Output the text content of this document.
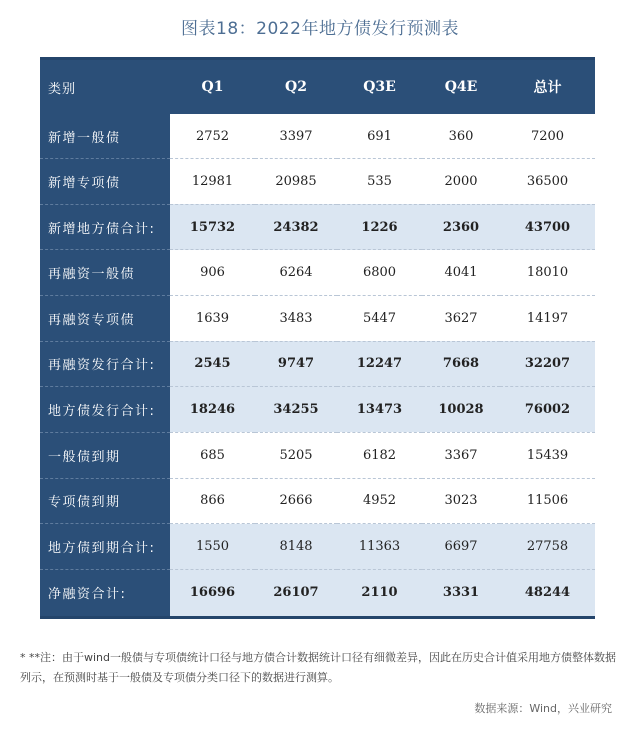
图表18：2022年地方债发行预测表
类别	Q1	Q2	Q3E	Q4E	总计
新增一般债	2752	3397	691	360	7200
新增专项债	12981	20985	535	2000	36500
新增地方债合计:	15732	24382	1226	2360	43700
再融资一般债	906	6264	6800	4041	18010
再融资专项债	1639	3483	5447	3627	14197
再融资发行合计:	2545	9747	12247	7668	32207
地方债发行合计:	18246	34255	13473	10028	76002
一般债到期	685	5205	6182	3367	15439
专项债到期	866	2666	4952	3023	11506
地方债到期合计:	1550	8148	11363	6697	27758
净融资合计:	16696	26107	2110	3331	48244
* **注：由于wind一般债与专项债统计口径与地方债合计数据统计口径有细微差异，因此在历史合计值采用地方债整体数据列示，在预测时基于一般债及专项债分类口径下的数据进行测算。
数据来源：Wind，兴业研究
